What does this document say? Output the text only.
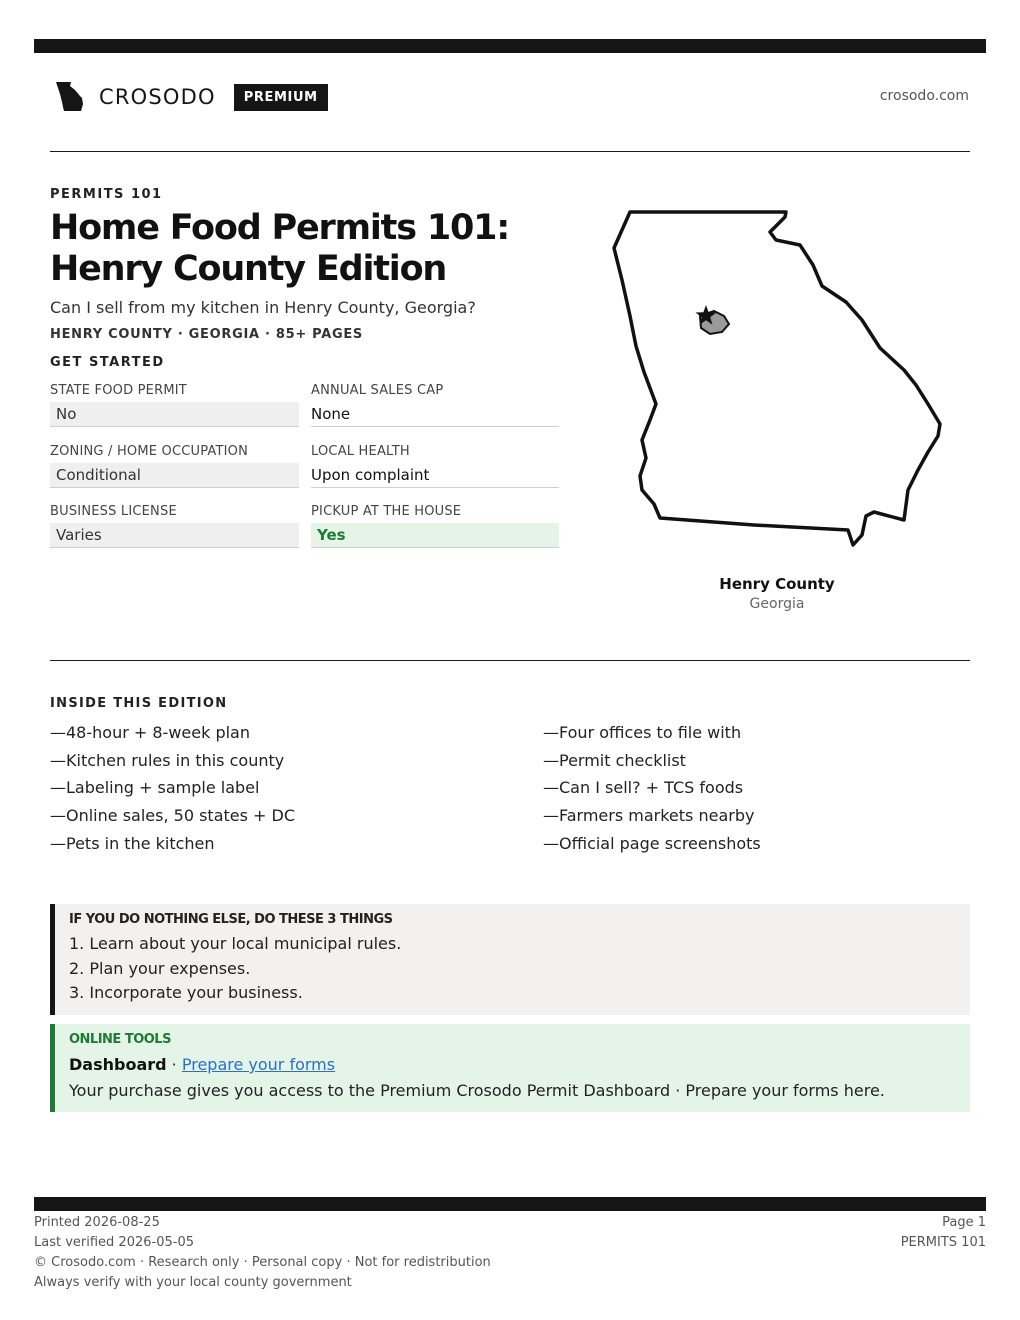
CROSODO	PREMIUM	crosodo.com
PERMITS 101
Home Food Permits 101: Henry County Edition
Can I sell from my kitchen in Henry County, Georgia?
HENRY COUNTY · GEORGIA · 85+ PAGES
GET STARTED
STATE FOOD PERMIT
No
ANNUAL SALES CAP
None
ZONING / HOME OCCUPATION
Conditional
LOCAL HEALTH
Upon complaint
BUSINESS LICENSE
Varies
PICKUP AT THE HOUSE
Yes
Henry County
Georgia
INSIDE THIS EDITION
—48-hour + 8-week plan
—Kitchen rules in this county
—Labeling + sample label
—Online sales, 50 states + DC
—Pets in the kitchen
—Four offices to file with
—Permit checklist
—Can I sell? + TCS foods
—Farmers markets nearby
—Official page screenshots
IF YOU DO NOTHING ELSE, DO THESE 3 THINGS
1. Learn about your local municipal rules.
2. Plan your expenses.
3. Incorporate your business.
ONLINE TOOLS
Dashboard · Prepare your forms
Your purchase gives you access to the Premium Crosodo Permit Dashboard · Prepare your forms here.
Printed 2026-08-25
Last verified 2026-05-05
© Crosodo.com · Research only · Personal copy · Not for redistribution
Always verify with your local county government
Page 1
PERMITS 101
